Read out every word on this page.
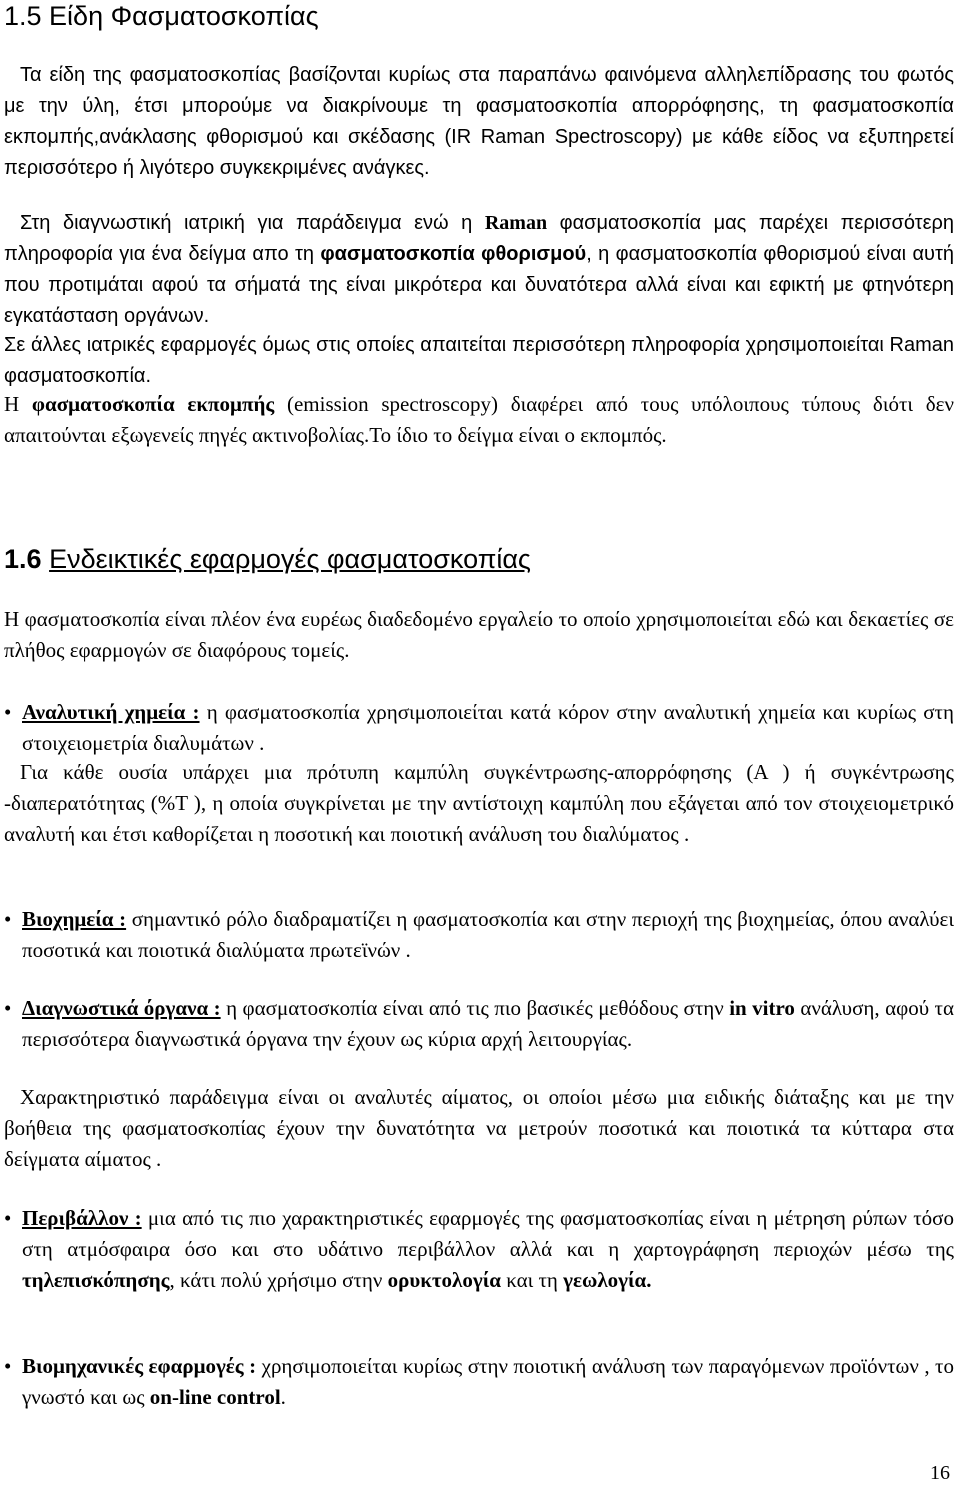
1.5 Είδη Φασματοσκοπίας

Τα είδη της φασματοσκοπίας βασίζονται κυρίως στα παραπάνω φαινόμενα αλληλεπίδρασης του φωτός με την ύλη, έτσι μπορούμε να διακρίνουμε τη φασματοσκοπία απορρόφησης, τη φασματοσκοπία εκπομπής,ανάκλασης φθορισμού και σκέδασης (IR Raman Spectroscopy) με κάθε είδος να εξυπηρετεί περισσότερο ή λιγότερο συγκεκριμένες ανάγκες.

Στη διαγνωστική ιατρική για παράδειγμα ενώ η Raman φασματοσκοπία μας παρέχει περισσότερη πληροφορία για ένα δείγμα απο τη φασματοσκοπία φθορισμού, η φασματοσκοπία φθορισμού είναι αυτή που προτιμάται αφού τα σήματά της είναι μικρότερα και δυνατότερα αλλά είναι και εφικτή με φτηνότερη εγκατάσταση οργάνων.

Σε άλλες ιατρικές εφαρμογές όμως στις οποίες απαιτείται περισσότερη πληροφορία χρησιμοποιείται Raman φασματοσκοπία.

Η φασματοσκοπία εκπομπής (emission spectroscopy) διαφέρει από τους υπόλοιπους τύπους διότι δεν απαιτούνται εξωγενείς πηγές ακτινοβολίας.Το ίδιο το δείγμα είναι ο εκπομπός.

1.6 Ενδεικτικές εφαρμογές φασματοσκοπίας

Η φασματοσκοπία είναι πλέον ένα ευρέως διαδεδομένο εργαλείο το οποίο χρησιμοποιείται εδώ και δεκαετίες σε πλήθος εφαρμογών σε διαφόρους τομείς.

• Αναλυτική χημεία : η φασματοσκοπία χρησιμοποιείται κατά κόρον στην αναλυτική χημεία και κυρίως στη στοιχειομετρία διαλυμάτων .

Για κάθε ουσία υπάρχει μια πρότυπη καμπύλη συγκέντρωσης-απορρόφησης (Α ) ή συγκέντρωσης -διαπερατότητας (%Τ ), η οποία συγκρίνεται με την αντίστοιχη καμπύλη που εξάγεται από τον στοιχειομετρικό αναλυτή και έτσι καθορίζεται η ποσοτική και ποιοτική ανάλυση του διαλύματος .

• Βιοχημεία : σημαντικό ρόλο διαδραματίζει η φασματοσκοπία και στην περιοχή της βιοχημείας, όπου αναλύει ποσοτικά και ποιοτικά διαλύματα πρωτεϊνών .

• Διαγνωστικά όργανα : η φασματοσκοπία είναι από τις πιο βασικές μεθόδους στην in vitro ανάλυση, αφού τα περισσότερα διαγνωστικά όργανα την έχουν ως κύρια αρχή λειτουργίας.

Χαρακτηριστικό παράδειγμα είναι οι αναλυτές αίματος, οι οποίοι μέσω μια ειδικής διάταξης και με την βοήθεια της φασματοσκοπίας έχουν την δυνατότητα να μετρούν ποσοτικά και ποιοτικά τα κύτταρα στα δείγματα αίματος .

• Περιβάλλον : μια από τις πιο χαρακτηριστικές εφαρμογές της φασματοσκοπίας είναι η μέτρηση ρύπων τόσο στη ατμόσφαιρα όσο και στο υδάτινο περιβάλλον αλλά και η χαρτογράφηση περιοχών μέσω της τηλεπισκόπησης, κάτι πολύ χρήσιμο στην ορυκτολογία και τη γεωλογία.

• Βιομηχανικές εφαρμογές : χρησιμοποιείται κυρίως στην ποιοτική ανάλυση των παραγόμενων προϊόντων , το γνωστό και ως on-line control.

16
